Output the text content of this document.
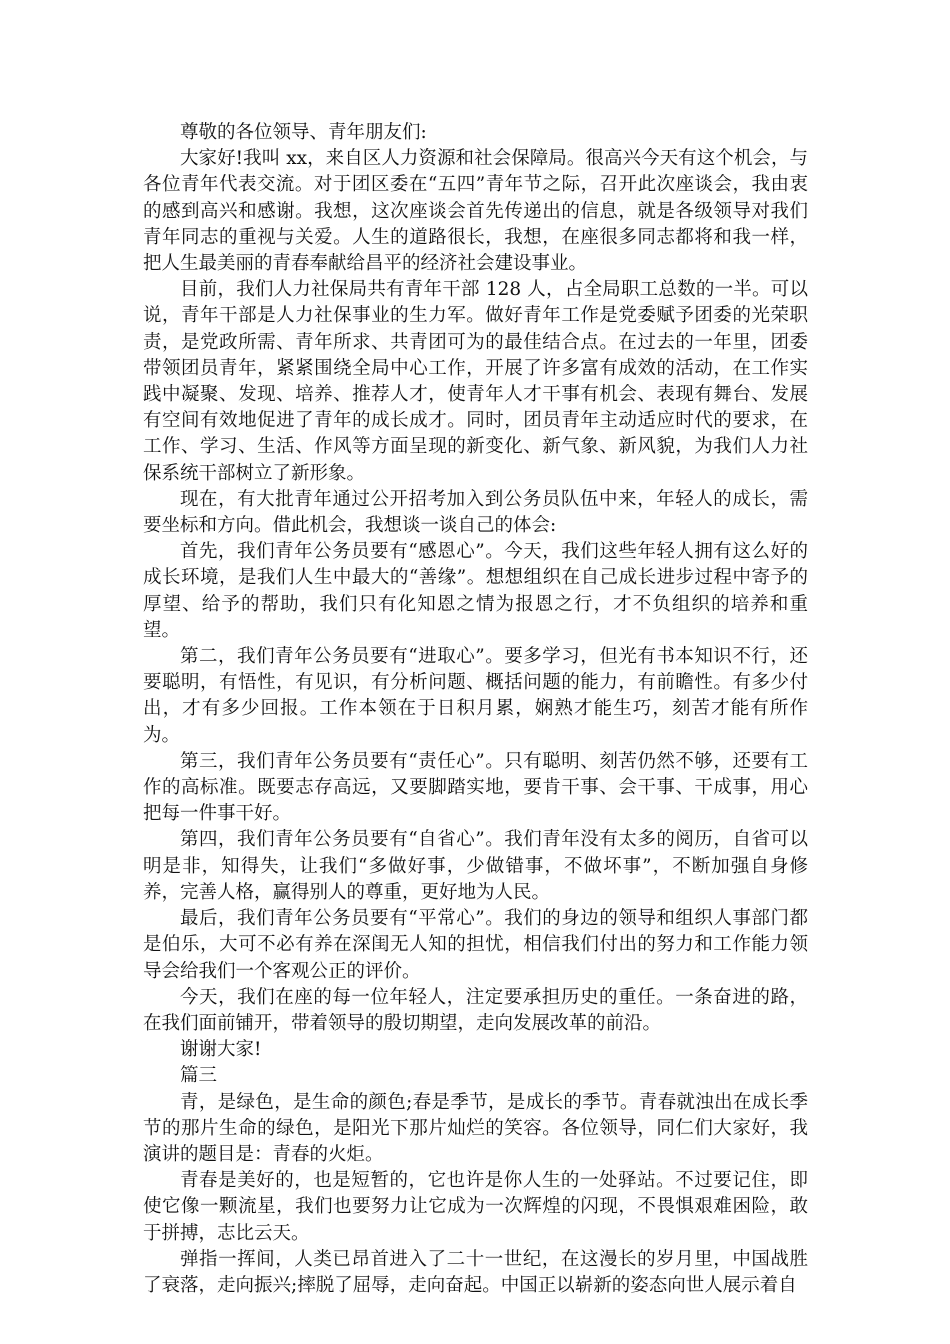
尊敬的各位领导、青年朋友们:

大家好!我叫 xx，来自区人力资源和社会保障局。很高兴今天有这个机会，与各位青年代表交流。对于团区委在“五四”青年节之际，召开此次座谈会，我由衷的感到高兴和感谢。我想，这次座谈会首先传递出的信息，就是各级领导对我们青年同志的重视与关爱。人生的道路很长，我想，在座很多同志都将和我一样，把人生最美丽的青春奉献给昌平的经济社会建设事业。

目前，我们人力社保局共有青年干部 128 人，占全局职工总数的一半。可以说，青年干部是人力社保事业的生力军。做好青年工作是党委赋予团委的光荣职责，是党政所需、青年所求、共青团可为的最佳结合点。在过去的一年里，团委带领团员青年，紧紧围绕全局中心工作，开展了许多富有成效的活动，在工作实践中凝聚、发现、培养、推荐人才，使青年人才干事有机会、表现有舞台、发展有空间有效地促进了青年的成长成才。同时，团员青年主动适应时代的要求，在工作、学习、生活、作风等方面呈现的新变化、新气象、新风貌，为我们人力社保系统干部树立了新形象。

现在，有大批青年通过公开招考加入到公务员队伍中来，年轻人的成长，需要坐标和方向。借此机会，我想谈一谈自己的体会:

首先，我们青年公务员要有“感恩心”。今天，我们这些年轻人拥有这么好的成长环境，是我们人生中最大的“善缘”。想想组织在自己成长进步过程中寄予的厚望、给予的帮助，我们只有化知恩之情为报恩之行，才不负组织的培养和重望。

第二，我们青年公务员要有“进取心”。要多学习，但光有书本知识不行，还要聪明，有悟性，有见识，有分析问题、概括问题的能力，有前瞻性。有多少付出，才有多少回报。工作本领在于日积月累，娴熟才能生巧，刻苦才能有所作为。

第三，我们青年公务员要有“责任心”。只有聪明、刻苦仍然不够，还要有工作的高标准。既要志存高远，又要脚踏实地，要肯干事、会干事、干成事，用心把每一件事干好。

第四，我们青年公务员要有“自省心”。我们青年没有太多的阅历，自省可以明是非，知得失，让我们“多做好事，少做错事，不做坏事”，不断加强自身修养，完善人格，赢得别人的尊重，更好地为人民。

最后，我们青年公务员要有“平常心”。我们的身边的领导和组织人事部门都是伯乐，大可不必有养在深闺无人知的担忧，相信我们付出的努力和工作能力领导会给我们一个客观公正的评价。

今天，我们在座的每一位年轻人，注定要承担历史的重任。一条奋进的路，在我们面前铺开，带着领导的殷切期望，走向发展改革的前沿。

谢谢大家!

篇三

青，是绿色，是生命的颜色;春是季节，是成长的季节。青春就浊出在成长季节的那片生命的绿色，是阳光下那片灿烂的笑容。各位领导，同仁们大家好，我演讲的题目是：青春的火炬。

青春是美好的，也是短暂的，它也许是你人生的一处驿站。不过要记住，即使它像一颗流星，我们也要努力让它成为一次辉煌的闪现，不畏惧艰难困险，敢于拼搏，志比云天。

弹指一挥间，人类已昂首进入了二十一世纪，在这漫长的岁月里，中国战胜了衰落，走向振兴;摔脱了屈辱，走向奋起。中国正以崭新的姿态向世人展示着自
